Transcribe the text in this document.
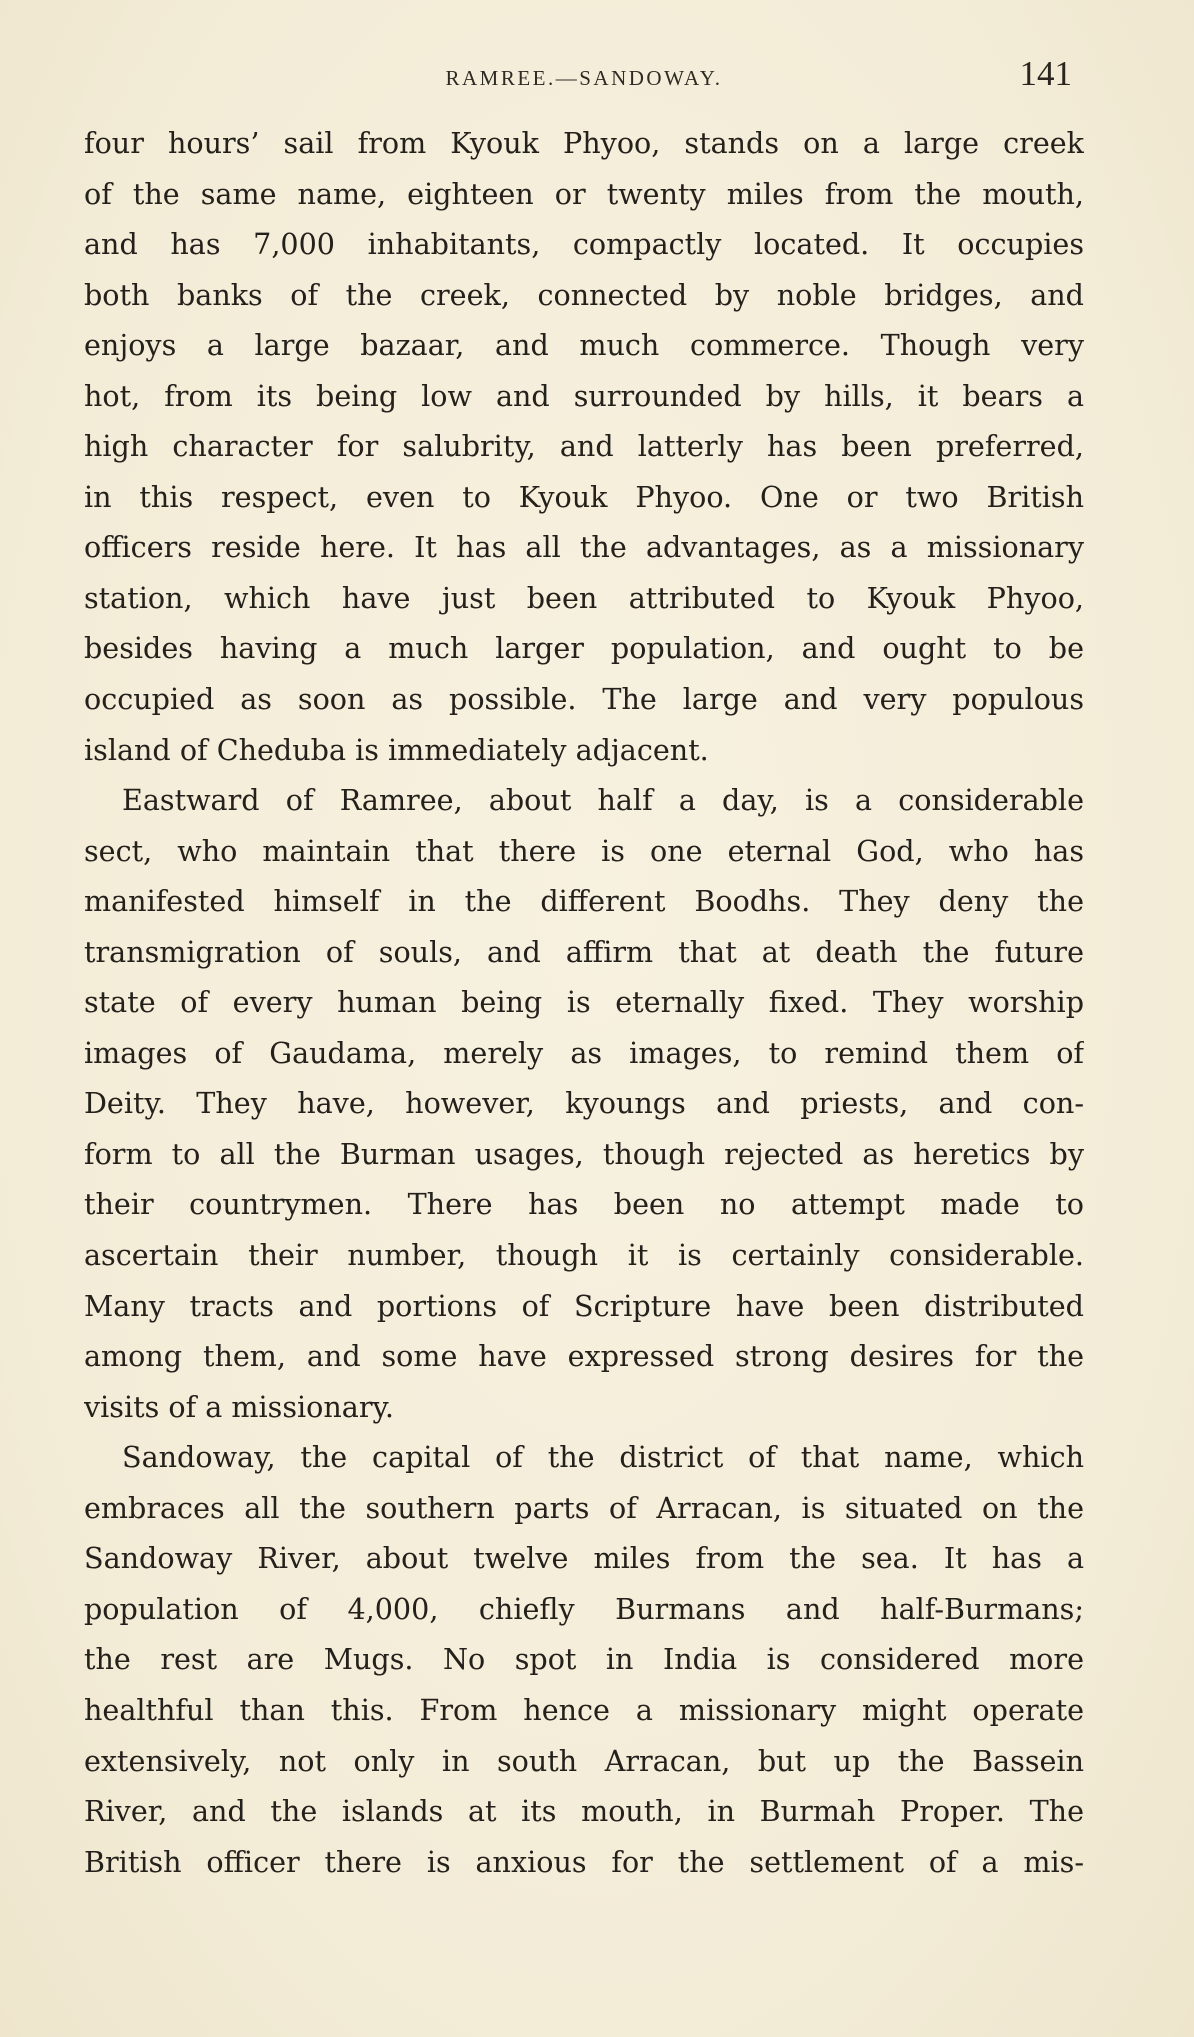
RAMREE.—SANDOWAY.	141
four hours’ sail from Kyouk Phyoo, stands on a large creek
of the same name, eighteen or twenty miles from the mouth,
and has 7,000 inhabitants, compactly located. It occupies
both banks of the creek, connected by noble bridges, and
enjoys a large bazaar, and much commerce. Though very
hot, from its being low and surrounded by hills, it bears a
high character for salubrity, and latterly has been preferred,
in this respect, even to Kyouk Phyoo. One or two British
officers reside here. It has all the advantages, as a missionary
station, which have just been attributed to Kyouk Phyoo,
besides having a much larger population, and ought to be
occupied as soon as possible. The large and very populous
island of Cheduba is immediately adjacent.
Eastward of Ramree, about half a day, is a considerable
sect, who maintain that there is one eternal God, who has
manifested himself in the different Boodhs. They deny the
transmigration of souls, and affirm that at death the future
state of every human being is eternally fixed. They worship
images of Gaudama, merely as images, to remind them of
Deity. They have, however, kyoungs and priests, and con-
form to all the Burman usages, though rejected as heretics by
their countrymen. There has been no attempt made to
ascertain their number, though it is certainly considerable.
Many tracts and portions of Scripture have been distributed
among them, and some have expressed strong desires for the
visits of a missionary.
Sandoway, the capital of the district of that name, which
embraces all the southern parts of Arracan, is situated on the
Sandoway River, about twelve miles from the sea. It has a
population of 4,000, chiefly Burmans and half-Burmans;
the rest are Mugs. No spot in India is considered more
healthful than this. From hence a missionary might operate
extensively, not only in south Arracan, but up the Bassein
River, and the islands at its mouth, in Burmah Proper. The
British officer there is anxious for the settlement of a mis-
